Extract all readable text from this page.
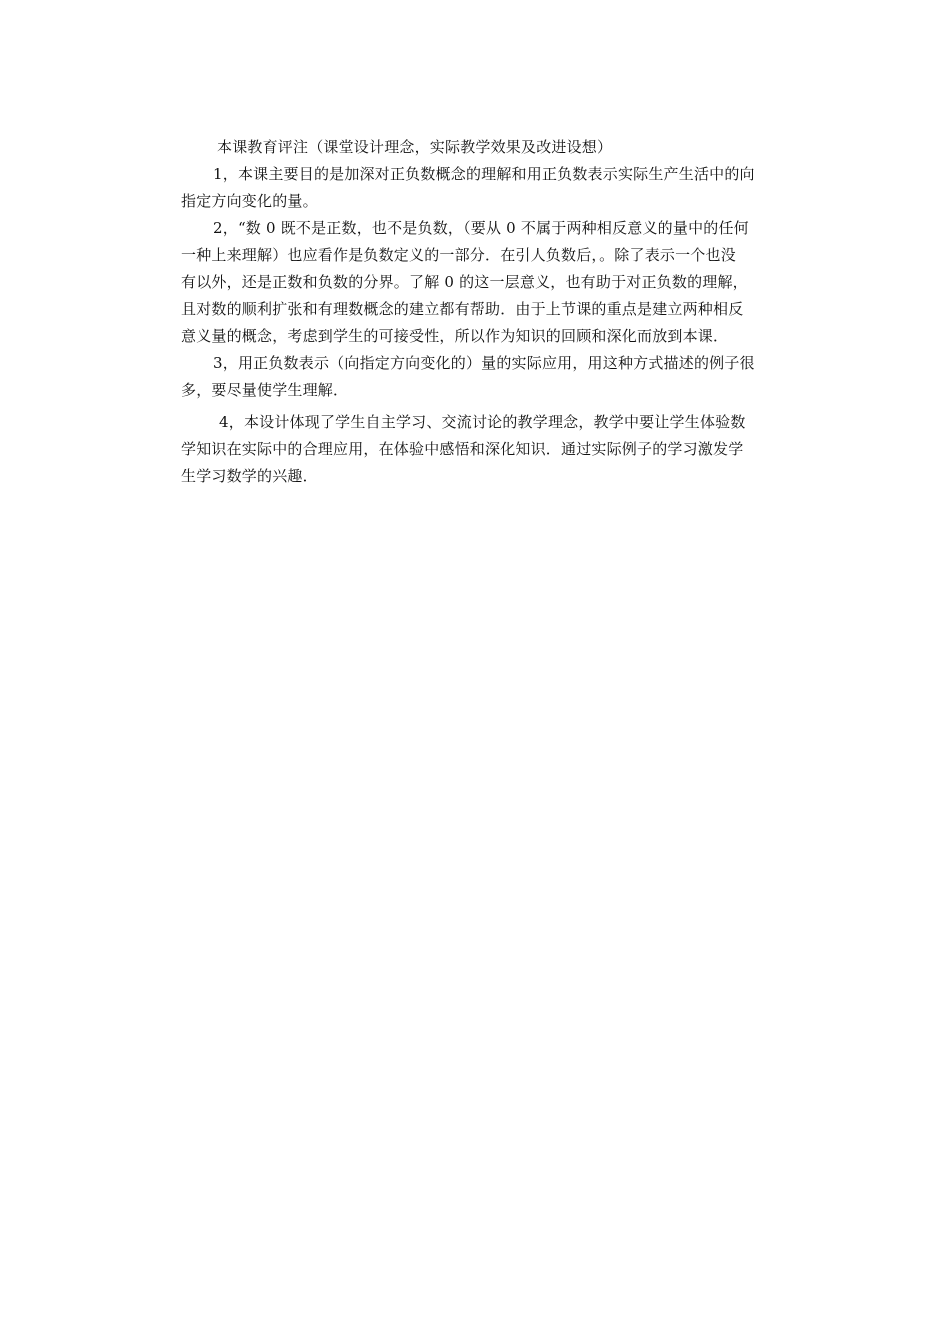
本课教育评注（课堂设计理念，实际教学效果及改进设想）
1，本课主要目的是加深对正负数概念的理解和用正负数表示实际生产生活中的向
指定方向变化的量。
2，“数 0 既不是正数，也不是负数，（要从 0 不属于两种相反意义的量中的任何
一种上来理解）也应看作是负数定义的一部分．在引人负数后，。除了表示一个也没
有以外，还是正数和负数的分界。了解 0 的这一层意义，也有助于对正负数的理解，
且对数的顺利扩张和有理数概念的建立都有帮助．由于上节课的重点是建立两种相反
意义量的概念，考虑到学生的可接受性，所以作为知识的回顾和深化而放到本课．
3，用正负数表示（向指定方向变化的）量的实际应用，用这种方式描述的例子很
多，要尽量使学生理解．
4，本设计体现了学生自主学习、交流讨论的教学理念，教学中要让学生体验数
学知识在实际中的合理应用，在体验中感悟和深化知识．通过实际例子的学习激发学
生学习数学的兴趣．
